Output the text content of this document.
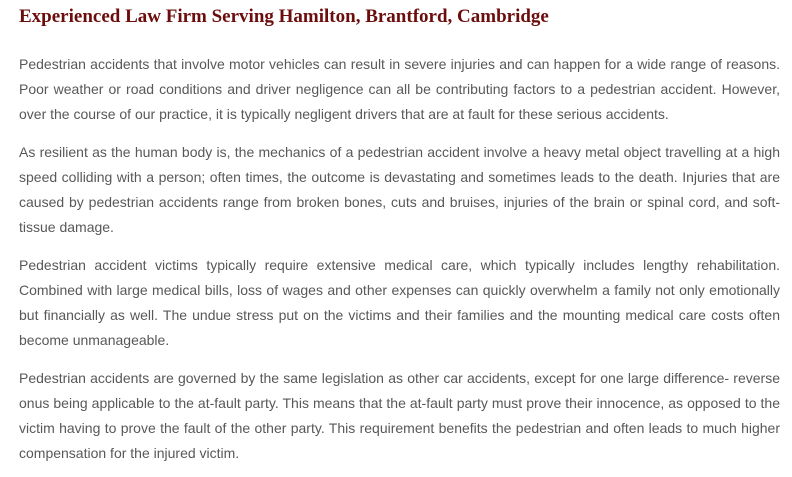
Experienced Law Firm Serving Hamilton, Brantford, Cambridge

Pedestrian accidents that involve motor vehicles can result in severe injuries and can happen for a wide range of reasons. Poor weather or road conditions and driver negligence can all be contributing factors to a pedestrian accident. However, over the course of our practice, it is typically negligent drivers that are at fault for these serious accidents.

As resilient as the human body is, the mechanics of a pedestrian accident involve a heavy metal object travelling at a high speed colliding with a person; often times, the outcome is devastating and sometimes leads to the death. Injuries that are caused by pedestrian accidents range from broken bones, cuts and bruises, injuries of the brain or spinal cord, and soft-tissue damage.

Pedestrian accident victims typically require extensive medical care, which typically includes lengthy rehabilitation. Combined with large medical bills, loss of wages and other expenses can quickly overwhelm a family not only emotionally but financially as well. The undue stress put on the victims and their families and the mounting medical care costs often become unmanageable.

Pedestrian accidents are governed by the same legislation as other car accidents, except for one large difference- reverse onus being applicable to the at-fault party. This means that the at-fault party must prove their innocence, as opposed to the victim having to prove the fault of the other party. This requirement benefits the pedestrian and often leads to much higher compensation for the injured victim.
